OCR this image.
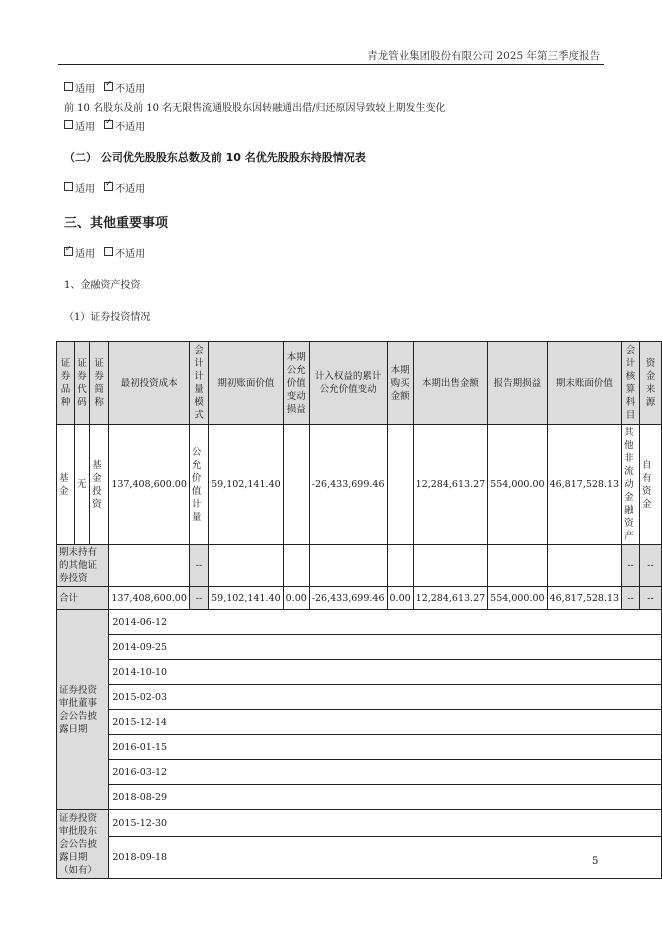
青龙管业集团股份有限公司 2025 年第三季度报告
适用
✓ 不适用
前 10 名股东及前 10 名无限售流通股股东因转融通出借/归还原因导致较上期发生变化
适用
✓ 不适用
（二） 公司优先股股东总数及前 10 名优先股股东持股情况表
适用
✓ 不适用
三、其他重要事项
✓
适用
不适用
1、金融资产投资
（1）证券投资情况
证券品种	证券代码	证券简称	最初投资成本	会计计量模式	期初账面价值	本期公允价值变动损益	计入权益的累计公允价值变动	本期购买金额	本期出售金额	报告期损益	期末账面价值	会计核算科目	资金来源
基金	无	基金投资	137,408,600.00	公允价值计量	59,102,141.40		-26,433,699.46		12,284,613.27	554,000.00	46,817,528.13	其他非流动金融资产	自有资金
期末持有的其他证券投资				--								--	--
合计			137,408,600.00	--	59,102,141.40	0.00	-26,433,699.46	0.00	12,284,613.27	554,000.00	46,817,528.13	--	--
证券投资审批董事会公告披露日期			2014-06-12										
			2014-09-25										
			2014-10-10										
			2015-02-03										
			2015-12-14										
			2016-01-15										
			2016-03-12										
			2018-08-29										
证券投资审批股东会公告披露日期（如有）			2015-12-30										
			2018-09-18											5
